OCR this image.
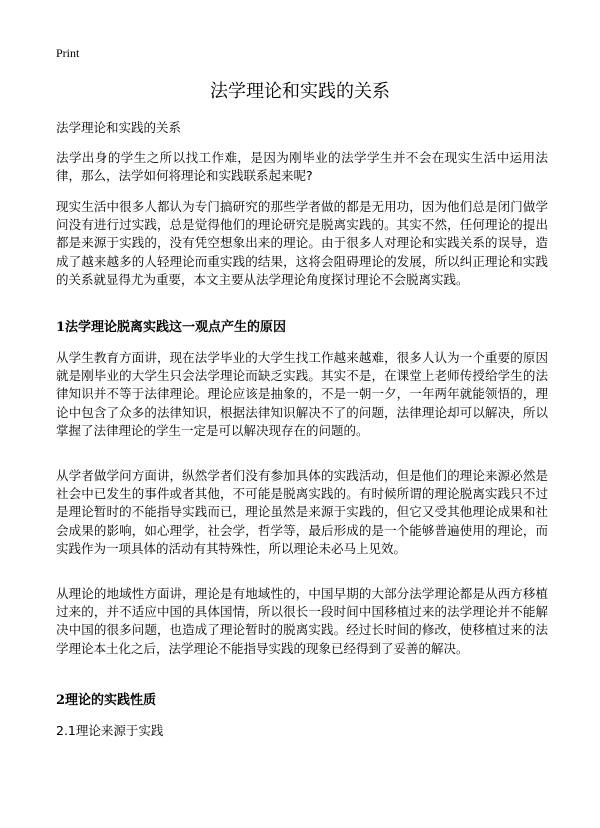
Print
法学理论和实践的关系
法学理论和实践的关系

法学出身的学生之所以找工作难，是因为刚毕业的法学学生并不会在现实生活中运用法律，那么，法学如何将理论和实践联系起来呢?

现实生活中很多人都认为专门搞研究的那些学者做的都是无用功，因为他们总是闭门做学问没有进行过实践，总是觉得他们的理论研究是脱离实践的。其实不然，任何理论的提出都是来源于实践的，没有凭空想象出来的理论。由于很多人对理论和实践关系的误导，造成了越来越多的人轻理论而重实践的结果，这将会阻碍理论的发展，所以纠正理论和实践的关系就显得尤为重要，本文主要从法学理论角度探讨理论不会脱离实践。

1法学理论脱离实践这一观点产生的原因

从学生教育方面讲，现在法学毕业的大学生找工作越来越难，很多人认为一个重要的原因就是刚毕业的大学生只会法学理论而缺乏实践。其实不是，在课堂上老师传授给学生的法律知识并不等于法律理论。理论应该是抽象的，不是一朝一夕，一年两年就能领悟的，理论中包含了众多的法律知识，根据法律知识解决不了的问题，法律理论却可以解决，所以掌握了法律理论的学生一定是可以解决现存在的问题的。

从学者做学问方面讲，纵然学者们没有参加具体的实践活动，但是他们的理论来源必然是社会中已发生的事件或者其他，不可能是脱离实践的。有时候所谓的理论脱离实践只不过是理论暂时的不能指导实践而已，理论虽然是来源于实践的，但它又受其他理论成果和社会成果的影响，如心理学，社会学，哲学等，最后形成的是一个能够普遍使用的理论，而实践作为一项具体的活动有其特殊性，所以理论未必马上见效。

从理论的地域性方面讲，理论是有地域性的，中国早期的大部分法学理论都是从西方移植过来的，并不适应中国的具体国情，所以很长一段时间中国移植过来的法学理论并不能解决中国的很多问题，也造成了理论暂时的脱离实践。经过长时间的修改，使移植过来的法学理论本土化之后，法学理论不能指导实践的现象已经得到了妥善的解决。

2理论的实践性质
2.1理论来源于实践
